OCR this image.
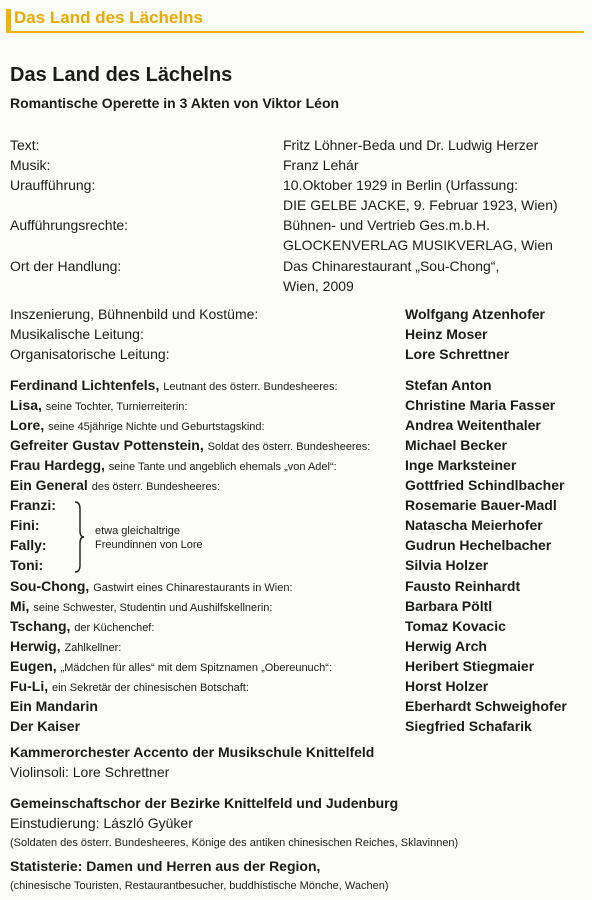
Das Land des Lächelns
Das Land des Lächelns
Romantische Operette in 3 Akten von Viktor Léon
Text:	Fritz Löhner-Beda und Dr. Ludwig Herzer
Musik:	Franz Lehár
Uraufführung:	10.Oktober 1929 in Berlin (Urfassung:
DIE GELBE JACKE, 9. Februar 1923, Wien)
Aufführungsrechte:	Bühnen- und Vertrieb Ges.m.b.H.
GLOCKENVERLAG MUSIKVERLAG, Wien
Ort der Handlung:	Das Chinarestaurant „Sou-Chong“,
Wien, 2009
Inszenierung, Bühnenbild und Kostüme:	Wolfgang Atzenhofer
Musikalische Leitung:	Heinz Moser
Organisatorische Leitung:	Lore Schrettner
Ferdinand Lichtenfels, Leutnant des österr. Bundesheeres:	Stefan Anton
Lisa, seine Tochter, Turnierreiterin:	Christine Maria Fasser
Lore, seine 45jährige Nichte und Geburtstagskind:	Andrea Weitenthaler
Gefreiter Gustav Pottenstein, Soldat des österr. Bundesheeres: Michael Becker
Frau Hardegg, seine Tante und angeblich ehemals „von Adel“:	Inge Marksteiner
Ein General des österr. Bundesheeres:	Gottfried Schindlbacher
Franzi:	Rosemarie Bauer-Madl
Fini:	Natascha Meierhofer
Fally:	Gudrun Hechelbacher
Toni:	Silvia Holzer
etwa gleichaltrige
Freundinnen von Lore
Sou-Chong, Gastwirt eines Chinarestaurants in Wien:	Fausto Reinhardt
Mi, seine Schwester, Studentin und Aushilfskellnerin:	Barbara Pöltl
Tschang, der Küchenchef:	Tomaz Kovacic
Herwig, Zahlkellner:	Herwig Arch
Eugen, „Mädchen für alles“ mit dem Spitznamen „Obereunuch“:	Heribert Stiegmaier
Fu-Li, ein Sekretär der chinesischen Botschaft:	Horst Holzer
Ein Mandarin	Eberhardt Schweighofer
Der Kaiser	Siegfried Schafarik
Kammerorchester Accento der Musikschule Knittelfeld
Violinsoli: Lore Schrettner
Gemeinschaftschor der Bezirke Knittelfeld und Judenburg
Einstudierung: László Gyüker
(Soldaten des österr. Bundesheeres, Könige des antiken chinesischen Reiches, Sklavinnen)
Statisterie: Damen und Herren aus der Region,
(chinesische Touristen, Restaurantbesucher, buddhistische Mönche, Wachen)
